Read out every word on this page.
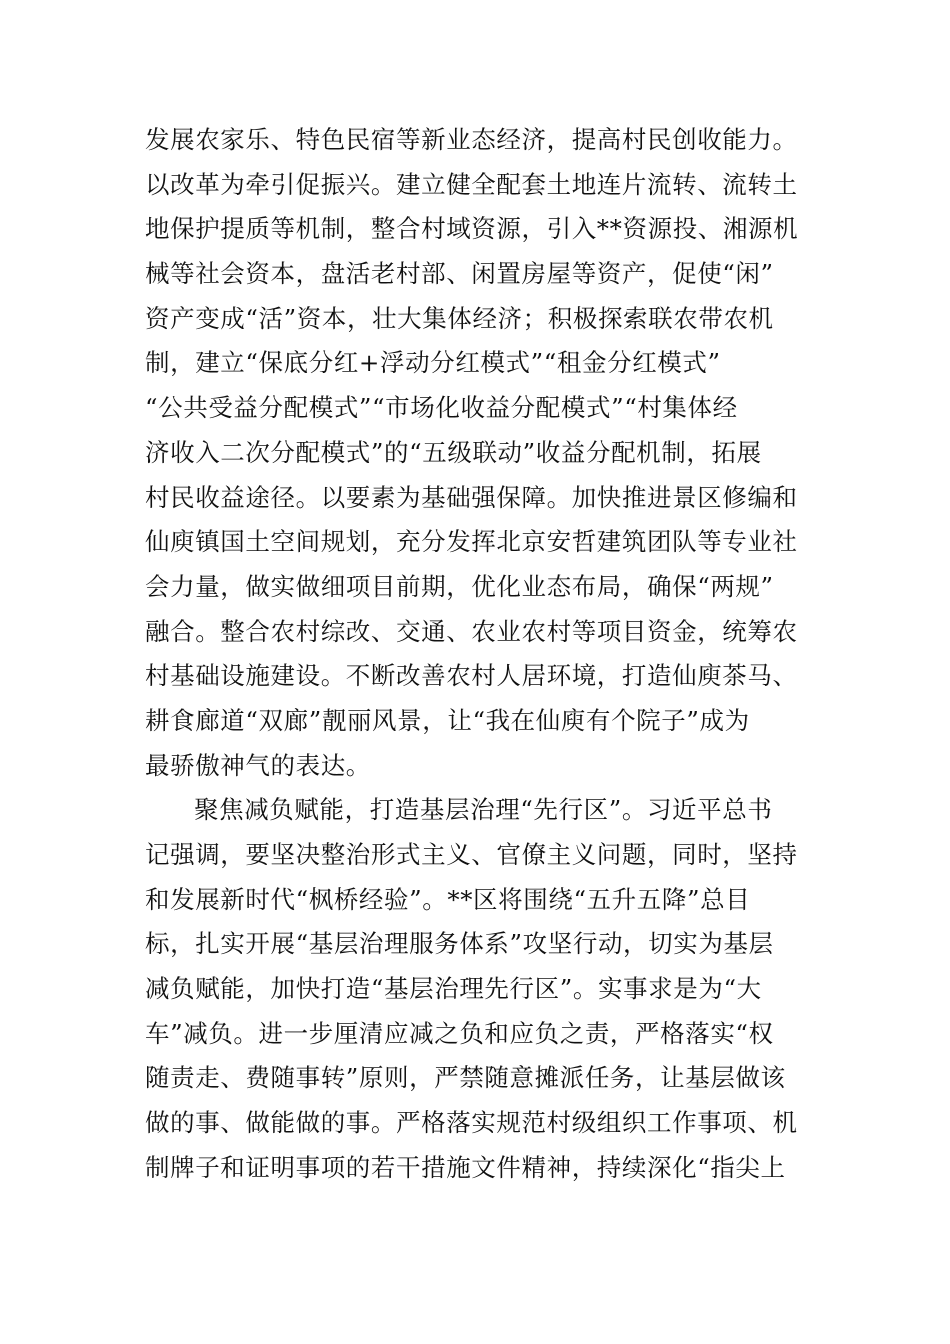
发展农家乐、特色民宿等新业态经济，提高村民创收能力。
以改革为牵引促振兴。建立健全配套土地连片流转、流转土
地保护提质等机制，整合村域资源，引入**资源投、湘源机
械等社会资本，盘活老村部、闲置房屋等资产，促使“闲”
资产变成“活”资本，壮大集体经济；积极探索联农带农机
制，建立“保底分红+浮动分红模式”“租金分红模式”
“公共受益分配模式”“市场化收益分配模式”“村集体经
济收入二次分配模式”的“五级联动”收益分配机制，拓展
村民收益途径。以要素为基础强保障。加快推进景区修编和
仙庾镇国土空间规划，充分发挥北京安哲建筑团队等专业社
会力量，做实做细项目前期，优化业态布局，确保“两规”
融合。整合农村综改、交通、农业农村等项目资金，统筹农
村基础设施建设。不断改善农村人居环境，打造仙庾茶马、
耕食廊道“双廊”靓丽风景，让“我在仙庾有个院子”成为
最骄傲神气的表达。
聚焦减负赋能，打造基层治理“先行区”。习近平总书
记强调，要坚决整治形式主义、官僚主义问题，同时，坚持
和发展新时代“枫桥经验”。**区将围绕“五升五降”总目
标，扎实开展“基层治理服务体系”攻坚行动，切实为基层
减负赋能，加快打造“基层治理先行区”。实事求是为“大
车”减负。进一步厘清应减之负和应负之责，严格落实“权
随责走、费随事转”原则，严禁随意摊派任务，让基层做该
做的事、做能做的事。严格落实规范村级组织工作事项、机
制牌子和证明事项的若干措施文件精神，持续深化“指尖上
